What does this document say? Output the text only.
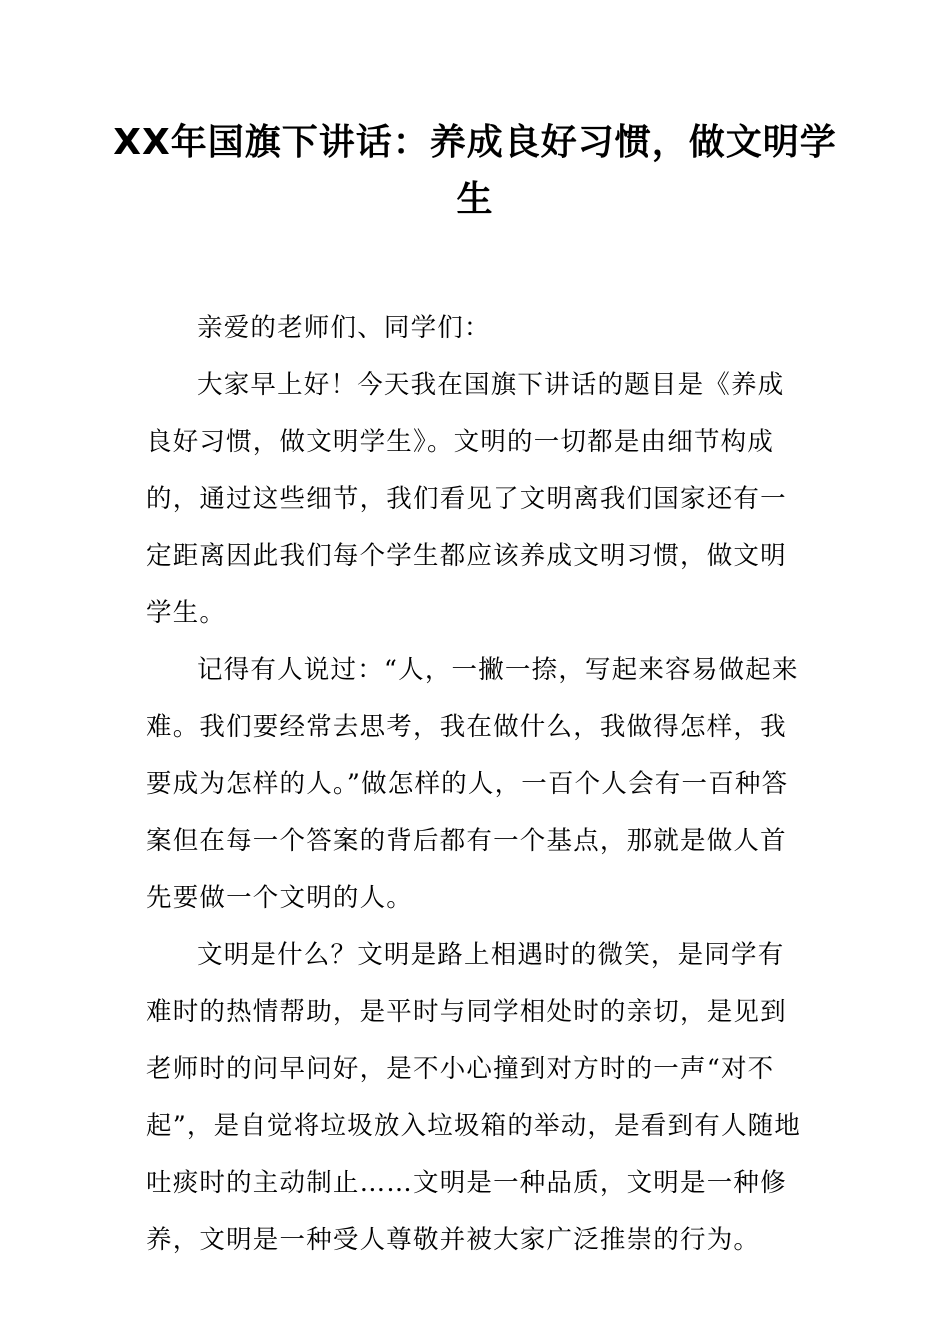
XX年国旗下讲话：养成良好习惯，做文明学生

亲爱的老师们、同学们：

大家早上好！今天我在国旗下讲话的题目是《养成良好习惯，做文明学生》。文明的一切都是由细节构成的，通过这些细节，我们看见了文明离我们国家还有一定距离因此我们每个学生都应该养成文明习惯，做文明学生。

记得有人说过：“人，一撇一捺，写起来容易做起来难。我们要经常去思考，我在做什么，我做得怎样，我要成为怎样的人。”做怎样的人，一百个人会有一百种答案但在每一个答案的背后都有一个基点，那就是做人首先要做一个文明的人。

文明是什么？文明是路上相遇时的微笑，是同学有难时的热情帮助，是平时与同学相处时的亲切，是见到老师时的问早问好，是不小心撞到对方时的一声“对不起”，是自觉将垃圾放入垃圾箱的举动，是看到有人随地吐痰时的主动制止……文明是一种品质，文明是一种修养，文明是一种受人尊敬并被大家广泛推崇的行为。
